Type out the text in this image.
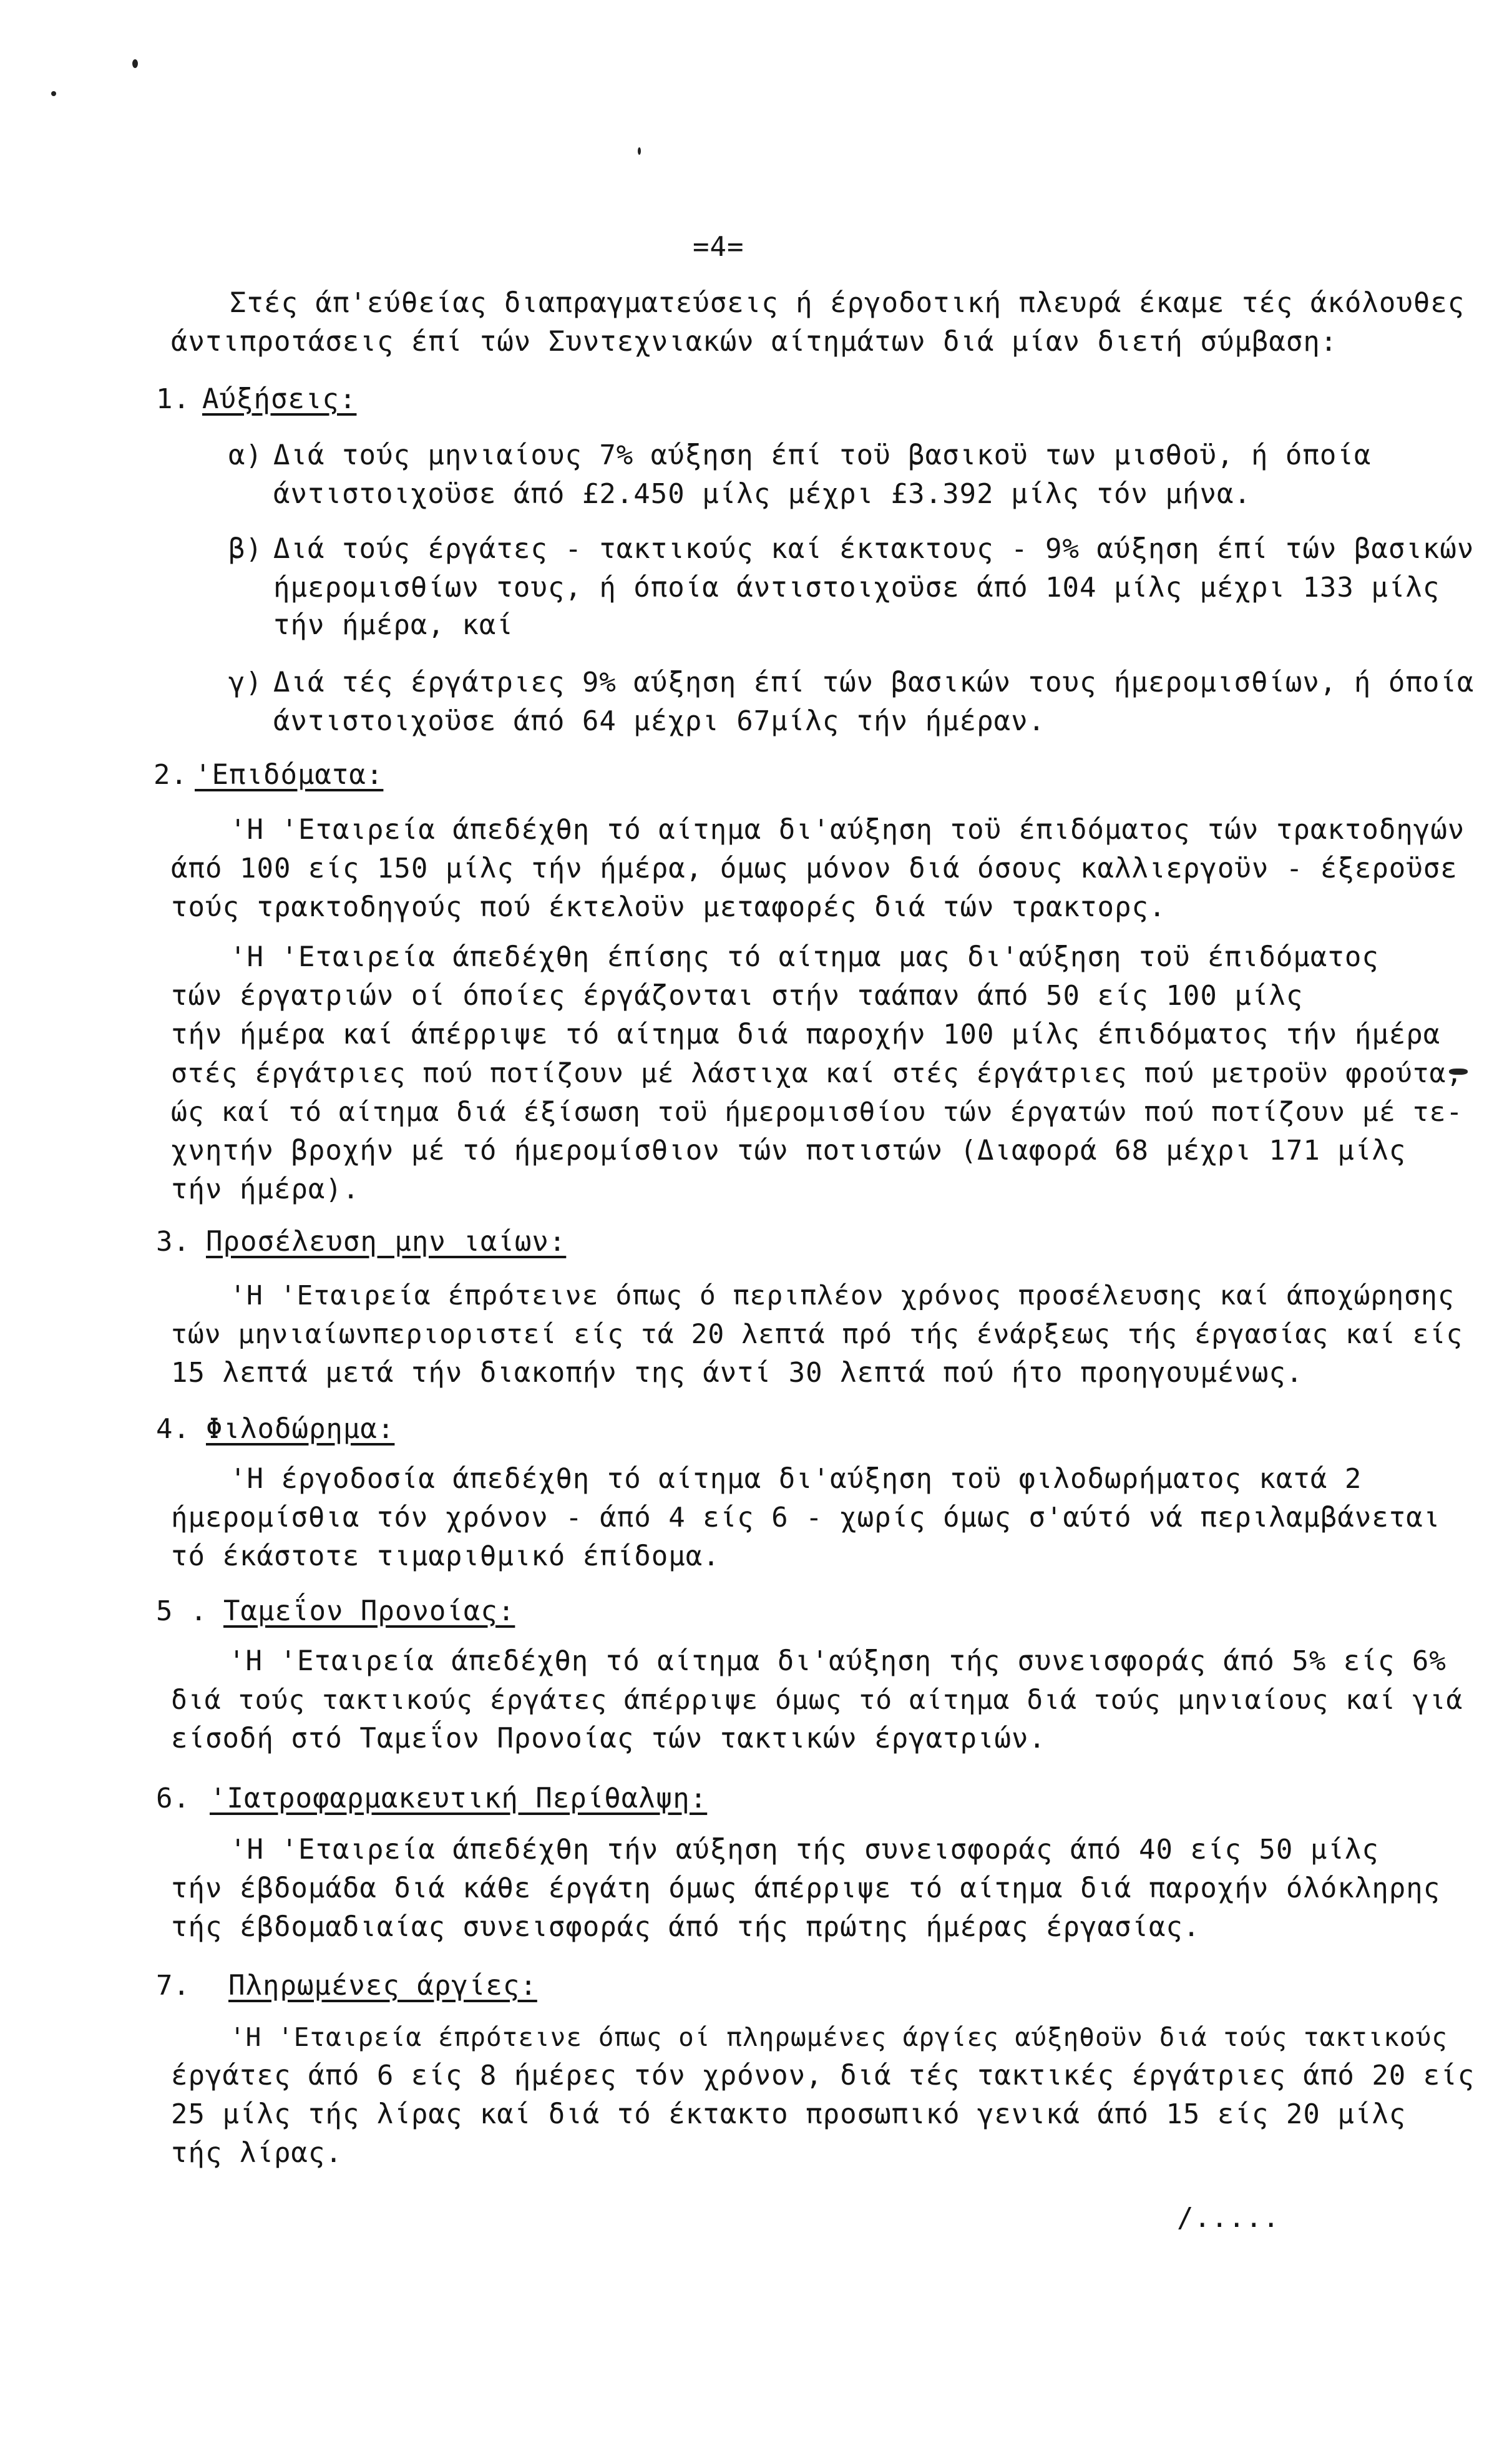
=4=
Στές άπ'εύθείας διαπραγματεύσεις ή έργοδοτική πλευρά έκαμε τές άκόλουθες
άντιπροτάσεις έπί τών Συντεχνιακών αίτημάτων διά μίαν διετή σύμβαση:
1. Αύξήσεις:
α) Διά τούς μηνιαίους 7% αύξηση έπί τοϋ βασικοϋ των μισθοϋ, ή όποία
άντιστοιχοϋσε άπό £2.450 μίλς μέχρι £3.392 μίλς τόν μήνα.
β) Διά τούς έργάτες - τακτικούς καί έκτακτους - 9% αύξηση έπί τών βασικών
ήμερομισθίων τους, ή όποία άντιστοιχοϋσε άπό 104 μίλς μέχρι 133 μίλς
τήν ήμέρα, καί
γ) Διά τές έργάτριες 9% αύξηση έπί τών βασικών τους ήμερομισθίων, ή όποία
άντιστοιχοϋσε άπό 64 μέχρι 67μίλς τήν ήμέραν.
2. 'Επιδόματα:
'Η 'Εταιρεία άπεδέχθη τό αίτημα δι'αύξηση τοϋ έπιδόματος τών τρακτοδηγών
άπό 100 είς 150 μίλς τήν ήμέρα, όμως μόνον διά όσους καλλιεργοϋν - έξεροϋσε
τούς τρακτοδηγούς πού έκτελοϋν μεταφορές διά τών τρακτορς.
'Η 'Εταιρεία άπεδέχθη έπίσης τό αίτημα μας δι'αύξηση τοϋ έπιδόματος
τών έργατριών οί όποίες έργάζονται στήν ταάπαν άπό 50 είς 100 μίλς
τήν ήμέρα καί άπέρριψε τό αίτημα διά παροχήν 100 μίλς έπιδόματος τήν ήμέρα
στές έργάτριες πού ποτίζουν μέ λάστιχα καί στές έργάτριες πού μετροϋν φρούτα,
ώς καί τό αίτημα διά έξίσωση τοϋ ήμερομισθίου τών έργατών πού ποτίζουν μέ τε-
χνητήν βροχήν μέ τό ήμερομίσθιον τών ποτιστών (Διαφορά 68 μέχρι 171 μίλς
τήν ήμέρα).
3. Προσέλευση μην ιαίων:
'Η 'Εταιρεία έπρότεινε όπως ό περιπλέον χρόνος προσέλευσης καί άποχώρησης
τών μηνιαίωνπεριοριστεί είς τά 20 λεπτά πρό τής ένάρξεως τής έργασίας καί είς
15 λεπτά μετά τήν διακοπήν της άντί 30 λεπτά πού ήτο προηγουμένως.
4. Φιλοδώρημα:
'Η έργοδοσία άπεδέχθη τό αίτημα δι'αύξηση τοϋ φιλοδωρήματος κατά 2
ήμερομίσθια τόν χρόνον - άπό 4 είς 6 - χωρίς όμως σ'αύτό νά περιλαμβάνεται
τό έκάστοτε τιμαριθμικό έπίδομα.
5 . Ταμεΐον Προνοίας:
'Η 'Εταιρεία άπεδέχθη τό αίτημα δι'αύξηση τής συνεισφοράς άπό 5% είς 6%
διά τούς τακτικούς έργάτες άπέρριψε όμως τό αίτημα διά τούς μηνιαίους καί γιά
είσοδή στό Ταμεΐον Προνοίας τών τακτικών έργατριών.
6. 'Ιατροφαρμακευτική Περίθαλψη:
'Η 'Εταιρεία άπεδέχθη τήν αύξηση τής συνεισφοράς άπό 40 είς 50 μίλς
τήν έβδομάδα διά κάθε έργάτη όμως άπέρριψε τό αίτημα διά παροχήν όλόκληρης
τής έβδομαδιαίας συνεισφοράς άπό τής πρώτης ήμέρας έργασίας.
7. Πληρωμένες άργίες:
'Η 'Εταιρεία έπρότεινε όπως οί πληρωμένες άργίες αύξηθοϋν διά τούς τακτικούς
έργάτες άπό 6 είς 8 ήμέρες τόν χρόνον, διά τές τακτικές έργάτριες άπό 20 είς
25 μίλς τής λίρας καί διά τό έκτακτο προσωπικό γενικά άπό 15 είς 20 μίλς
τής λίρας.
/.....
